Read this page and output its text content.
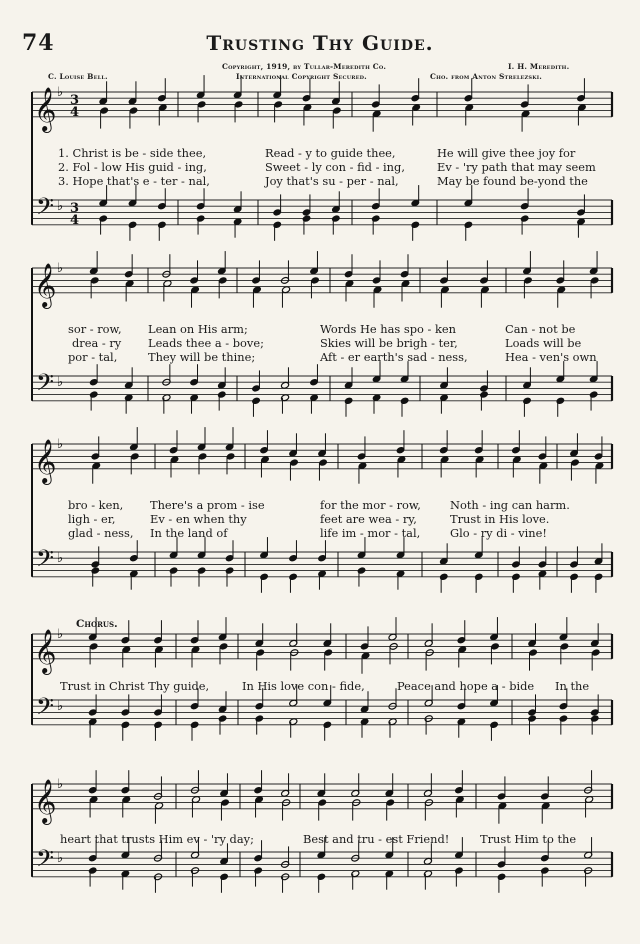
74	Trusting Thy Guide.
Copyright, 1919, by Tullar-Meredith Co.
International Copyright Secured.
I. H. Meredith.
C. Louise Bell.	Cho. from Anton Strelezski.
1. Christ is be - side thee,	Read - y to guide thee,	He will give thee joy for
2. Fol - low His guid - ing,	Sweet - ly con - fid - ing,	Ev - 'ry path that may seem
3. Hope that's e - ter - nal,	Joy that's su - per - nal,	May be found be-yond the
sor - row, Lean on His arm;	Words He has spo - ken	Can - not be
drea - ry Leads thee a - bove;	Skies will be brigh - ter,	Loads will be
por - tal,	They will be thine;	Aft - er earth's sad - ness,	Hea - ven's own
bro - ken, There's a prom - ise	for the mor - row,	Noth - ing can harm.
ligh - er,	Ev - en when thy	feet are wea - ry,	Trust in His love.
glad - ness, In the land of	life im - mor - tal,	Glo - ry di - vine!
Chorus.
Trust in Christ Thy guide,	In His love con - fide,	Peace and hope a - bide In the
heart that trusts Him ev - 'ry day;	Best and tru - est Friend!	Trust Him to the
𝄞
𝄢
♭
♭
3
3
4
4
𝄞
𝄢
♭
♭
𝄞
𝄢
♭
♭
𝄞
𝄢
♭
♭
𝄞
𝄢
♭
♭
